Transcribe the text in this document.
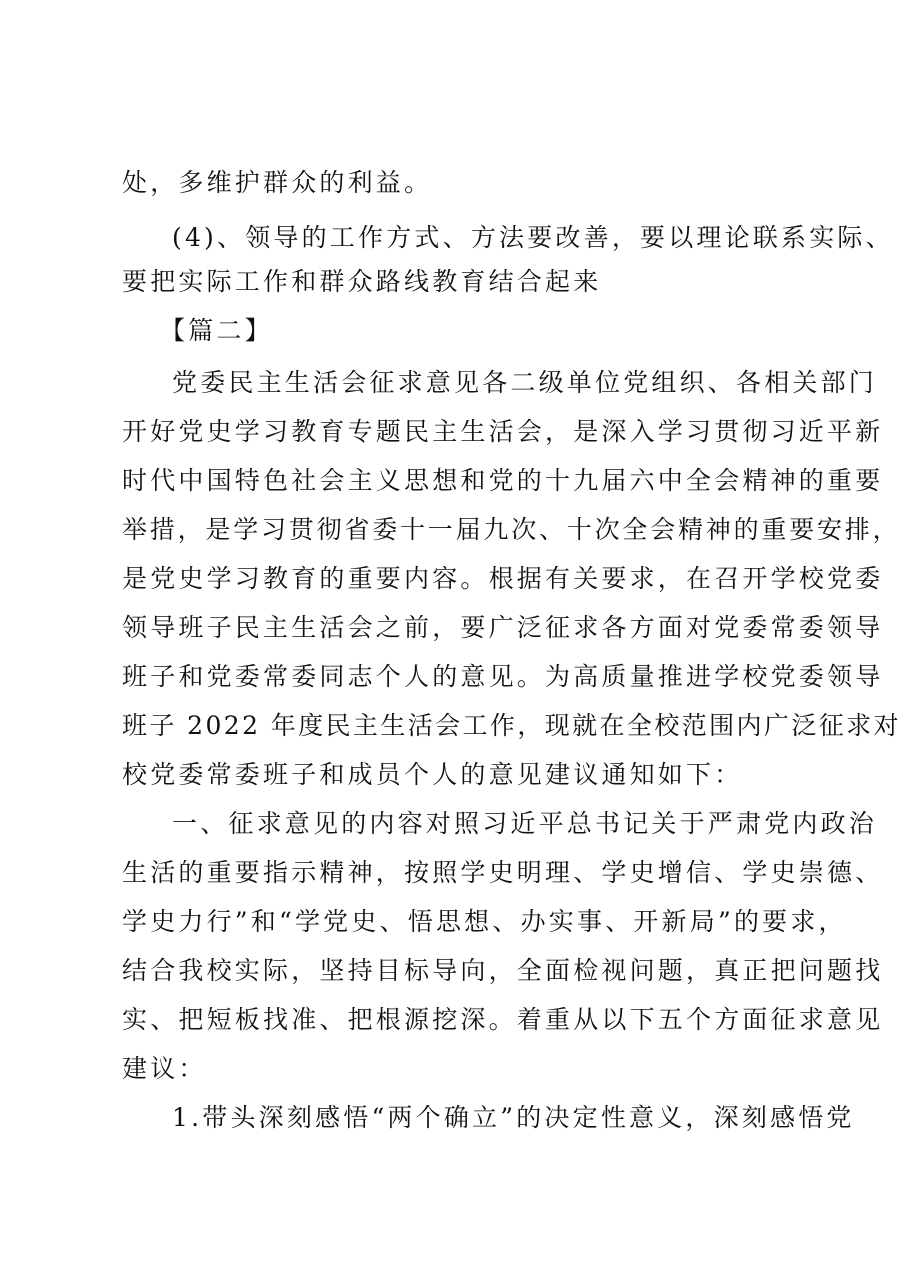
处，多维护群众的利益。
(4)、领导的工作方式、方法要改善，要以理论联系实际、
要把实际工作和群众路线教育结合起来
【篇二】
党委民主生活会征求意见各二级单位党组织、各相关部门
开好党史学习教育专题民主生活会，是深入学习贯彻习近平新
时代中国特色社会主义思想和党的十九届六中全会精神的重要
举措，是学习贯彻省委十一届九次、十次全会精神的重要安排，
是党史学习教育的重要内容。根据有关要求，在召开学校党委
领导班子民主生活会之前，要广泛征求各方面对党委常委领导
班子和党委常委同志个人的意见。为高质量推进学校党委领导
班子 2022 年度民主生活会工作，现就在全校范围内广泛征求对
校党委常委班子和成员个人的意见建议通知如下：
一、征求意见的内容对照习近平总书记关于严肃党内政治
生活的重要指示精神，按照学史明理、学史增信、学史崇德、
学史力行”和“学党史、悟思想、办实事、开新局”的要求，
结合我校实际，坚持目标导向，全面检视问题，真正把问题找
实、把短板找准、把根源挖深。着重从以下五个方面征求意见
建议：
1.带头深刻感悟“两个确立”的决定性意义，深刻感悟党
